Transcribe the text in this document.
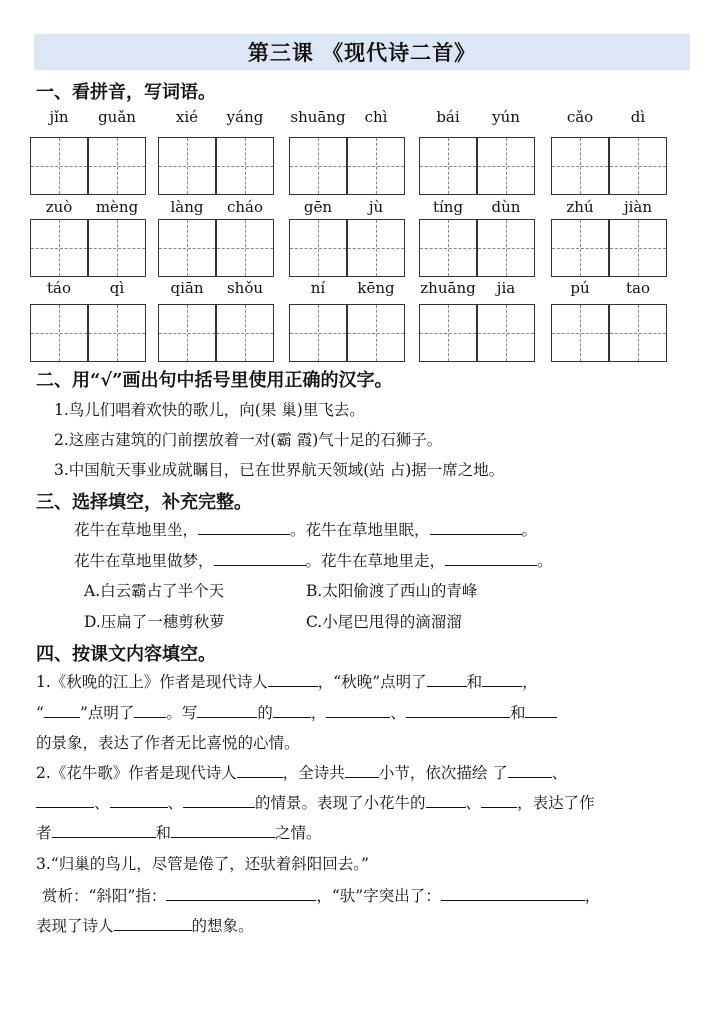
第三课 《现代诗二首》
一、看拼音，写词语。
jǐn	guǎn	xié	yáng	shuāng	chì	bái	yún	cǎo	dì
zuò	mèng	làng	cháo	gēn	jù	tíng	dùn	zhú	jiàn
táo	qì	qiān	shǒu	ní	kēng	zhuāng	jia	pú	tao
二、用“√”画出句中括号里使用正确的汉字。
1.鸟儿们唱着欢快的歌儿，向(果 巢)里飞去。
2.这座古建筑的门前摆放着一对(霸 霞)气十足的石狮子。
3.中国航天事业成就瞩目，已在世界航天领域(站 占)据一席之地。
三、选择填空，补充完整。
花牛在草地里坐，	。花牛在草地里眠，	。
花牛在草地里做梦，	。花牛在草地里走，	。
A.白云霸占了半个天	B.太阳偷渡了西山的青峰
D.压扁了一穗剪秋萝	C.小尾巴甩得的滴溜溜
四、按课文内容填空。
1.《秋晚的江上》作者是现代诗人	，“秋晚”点明了	和	，
“ ”点明了 。写	的 ，	、	和
的景象，表达了作者无比喜悦的心情。
2.《花牛歌》作者是现代诗人	，全诗共 小节，依次描绘 了	、
、	、	的情景。表现了小花牛的	、 ，表达了作
者	和	之情。
3.“归巢的鸟儿，尽管是倦了，还驮着斜阳回去。”
赏析：“斜阳”指：	，“驮”字突出了：	，
表现了诗人	的想象。
